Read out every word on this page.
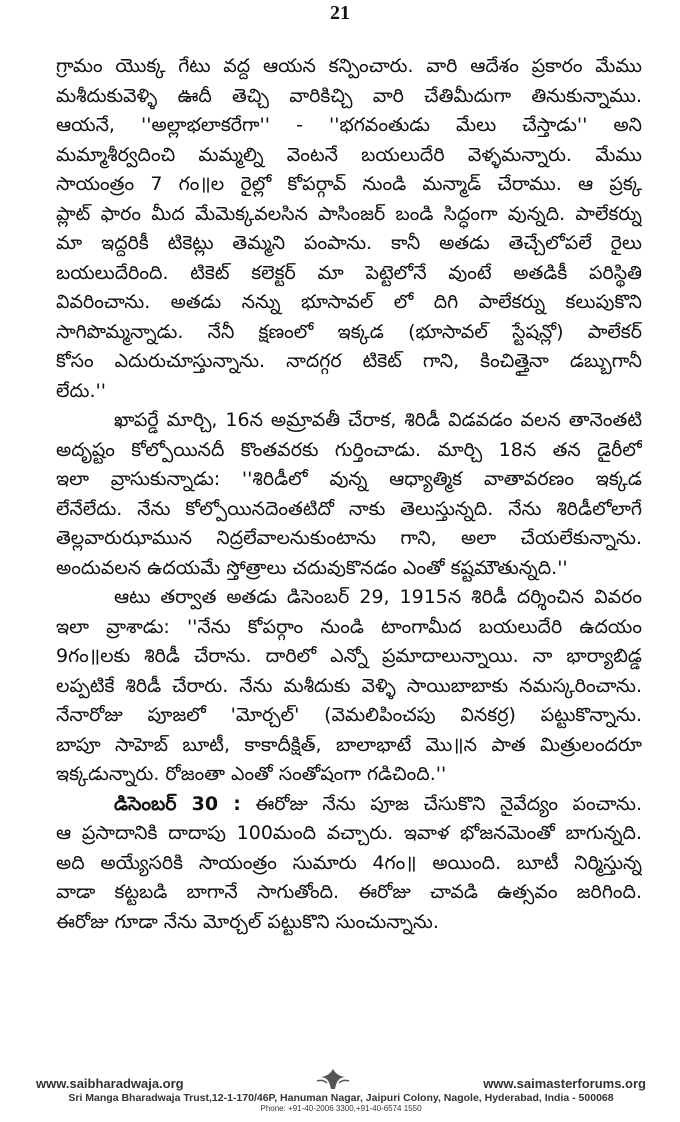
21
గ్రామం యొక్క గేటు వద్ద ఆయన కన్పించారు. వారి ఆదేశం ప్రకారం మేము
మశీదుకువెళ్ళి ఊదీ తెచ్చి వారికిచ్చి వారి చేతిమీదుగా తినుకున్నాము.
ఆయనే, ''అల్లాభలాకరేగా'' - ''భగవంతుడు మేలు చేస్తాడు'' అని
మమ్మాశీర్వదించి మమ్మల్ని వెంటనే బయలుదేరి వెళ్ళమన్నారు. మేము
సాయంత్రం 7 గం॥ల రైల్లో కోపర్గావ్ నుండి మన్మాడ్ చేరాము. ఆ ప్రక్క
ప్లాట్ ఫారం మీద మేమెక్కవలసిన పాసింజర్ బండి సిద్ధంగా వున్నది. పాలేకర్ను
మా ఇద్దరికీ టికెట్లు తెమ్మని పంపాను. కానీ అతడు తెచ్చేలోపలే రైలు
బయలుదేరింది. టికెట్ కలెక్టర్ మా పెట్టెలోనే వుంటే అతడికీ పరిస్థితి
వివరించాను. అతడు నన్ను భూసావల్ లో దిగి పాలేకర్ను కలుపుకొని
సాగిపొమ్మన్నాడు. నేనీ క్షణంలో ఇక్కడ (భూసావల్ స్టేషన్లో) పాలేకర్
కోసం ఎదురుచూస్తున్నాను. నాదగ్గర టికెట్ గాని, కించిత్తైనా డబ్బుగానీ
లేదు.''
ఖాపర్డే మార్చి, 16న అమ్రావతీ చేరాక, శిరిడీ విడవడం వలన తానెంతటి
అదృష్టం కోల్పోయినదీ కొంతవరకు గుర్తించాడు. మార్చి 18న తన డైరీలో
ఇలా వ్రాసుకున్నాడు: ''శిరిడీలో వున్న ఆధ్యాత్మిక వాతావరణం ఇక్కడ
లేనేలేదు. నేను కోల్పోయినదెంతటిదో నాకు తెలుస్తున్నది. నేను శిరిడీలోలాగే
తెల్లవారుఝామున నిద్రలేవాలనుకుంటాను గాని, అలా చేయలేకున్నాను.
అందువలన ఉదయమే స్తోత్రాలు చదువుకొనడం ఎంతో కష్టమౌతున్నది.''
ఆటు తర్వాత అతడు డిసెంబర్ 29, 1915న శిరిడీ దర్శించిన వివరం
ఇలా వ్రాశాడు: ''నేను కోపర్గాం నుండి టాంగామీద బయలుదేరి ఉదయం
9గం॥లకు శిరిడీ చేరాను. దారిలో ఎన్నో ప్రమాదాలున్నాయి. నా భార్యాబిడ్డ
లప్పటికే శిరిడీ చేరారు. నేను మశీదుకు వెళ్ళి సాయిబాబాకు నమస్కరించాను.
నేనారోజు పూజలో 'మోర్చల్' (వెమలిపించపు వినకర్ర) పట్టుకొన్నాను.
బాపూ సాహెబ్ బూటీ, కాకాదీక్షిత్, బాలాభాటే మొ॥న పాత మిత్రులందరూ
ఇక్కడున్నారు. రోజంతా ఎంతో సంతోషంగా గడిచింది.''
డిసెంబర్ 30 : ఈరోజు నేను పూజ చేసుకొని నైవేద్యం పంచాను.
ఆ ప్రసాదానికి దాదాపు 100మంది వచ్చారు. ఇవాళ భోజనమెంతో బాగున్నది.
అది అయ్యేసరికి సాయంత్రం సుమారు 4గం॥ అయింది. బూటీ నిర్మిస్తున్న
వాడా కట్టబడి బాగానే సాగుతోంది. ఈరోజు చావడి ఉత్సవం జరిగింది.
ఈరోజు గూడా నేను మోర్చల్ పట్టుకొని సుంచున్నాను.
www.saibharadwaja.org	www.saimasterforums.org
Sri Manga Bharadwaja Trust,12-1-170/46P, Hanuman Nagar, Jaipuri Colony, Nagole, Hyderabad, India - 500068
Phone: +91-40-2006 3300,+91-40-6574 1550
